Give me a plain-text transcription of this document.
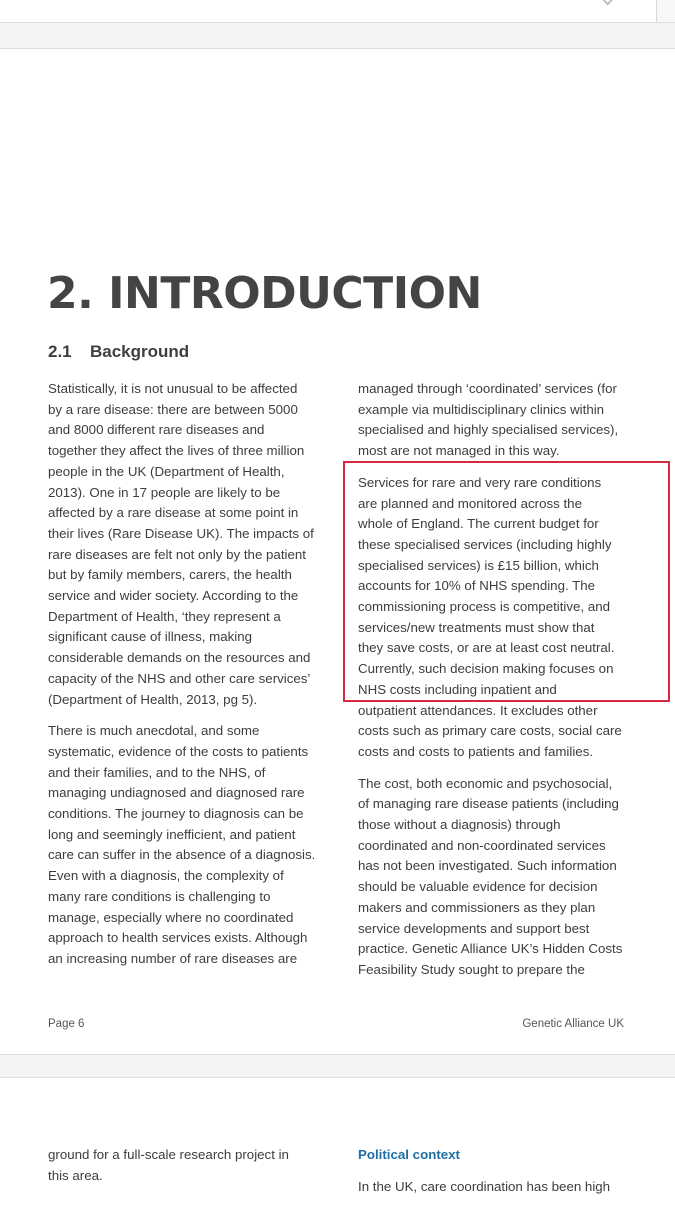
2. INTRODUCTION
2.1 Background

Statistically, it is not unusual to be affected

by a rare disease: there are between 5000

and 8000 different rare diseases and

together they affect the lives of three million

people in the UK (Department of Health,

2013). One in 17 people are likely to be

affected by a rare disease at some point in

their lives (Rare Disease UK). The impacts of

rare diseases are felt not only by the patient

but by family members, carers, the health

service and wider society. According to the

Department of Health, ‘they represent a

significant cause of illness, making

considerable demands on the resources and

capacity of the NHS and other care services’

(Department of Health, 2013, pg 5).

There is much anecdotal, and some

systematic, evidence of the costs to patients

and their families, and to the NHS, of

managing undiagnosed and diagnosed rare

conditions. The journey to diagnosis can be

long and seemingly inefficient, and patient

care can suffer in the absence of a diagnosis.

Even with a diagnosis, the complexity of

many rare conditions is challenging to

manage, especially where no coordinated

approach to health services exists. Although

an increasing number of rare diseases are

managed through ‘coordinated’ services (for

example via multidisciplinary clinics within

specialised and highly specialised services),

most are not managed in this way.

Services for rare and very rare conditions

are planned and monitored across the

whole of England. The current budget for

these specialised services (including highly

specialised services) is £15 billion, which

accounts for 10% of NHS spending. The

commissioning process is competitive, and

services/new treatments must show that

they save costs, or are at least cost neutral.

Currently, such decision making focuses on

NHS costs including inpatient and

outpatient attendances. It excludes other

costs such as primary care costs, social care

costs and costs to patients and families.

The cost, both economic and psychosocial,

of managing rare disease patients (including

those without a diagnosis) through

coordinated and non-coordinated services

has not been investigated. Such information

should be valuable evidence for decision

makers and commissioners as they plan

service developments and support best

practice. Genetic Alliance UK’s Hidden Costs

Feasibility Study sought to prepare the

Page 6	Genetic Alliance UK

ground for a full-scale research project in

this area.

Political context

In the UK, care coordination has been high
